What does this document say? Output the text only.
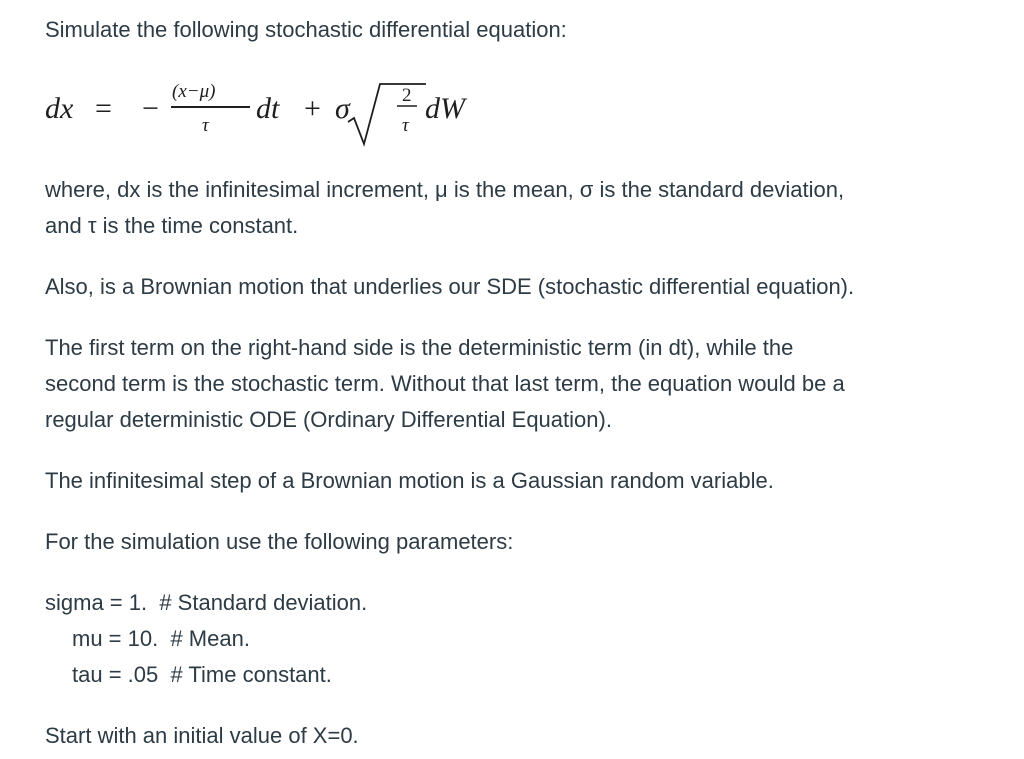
Simulate the following stochastic differential equation:

dx = −
(x−μ)
τ
dt + σ	2
τ
dW

where, dx is the infinitesimal increment, μ is the mean, σ is the standard deviation,

and τ is the time constant.

Also, is a Brownian motion that underlies our SDE (stochastic differential equation).

The first term on the right-hand side is the deterministic term (in dt), while the

second term is the stochastic term. Without that last term, the equation would be a

regular deterministic ODE (Ordinary Differential Equation).

The infinitesimal step of a Brownian motion is a Gaussian random variable.

For the simulation use the following parameters:

sigma = 1.  # Standard deviation.

mu = 10.  # Mean.

tau = .05  # Time constant.

Start with an initial value of X=0.
